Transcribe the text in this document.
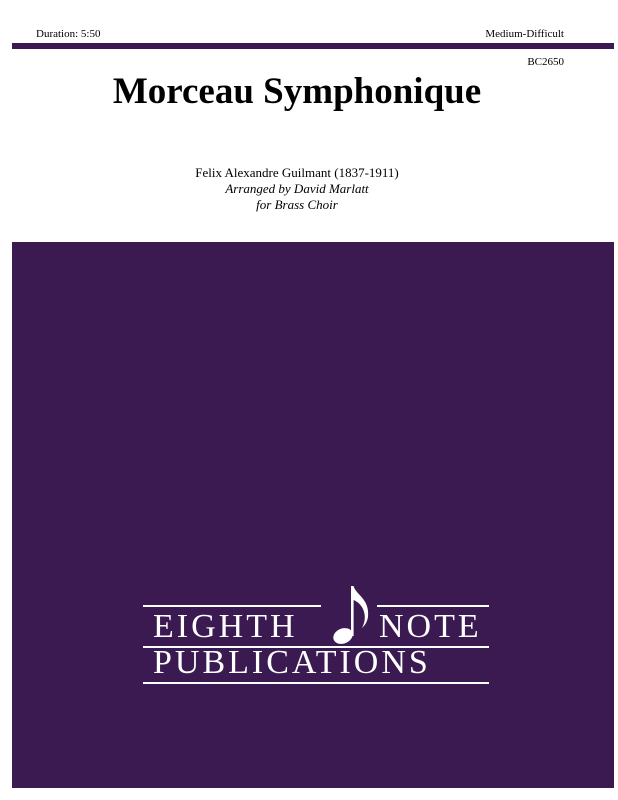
Duration: 5:50	Medium-Difficult
BC2650
Morceau Symphonique
Felix Alexandre Guilmant (1837-1911)
Arranged by David Marlatt
for Brass Choir
EIGHTH NOTE
PUBLICATIONS
